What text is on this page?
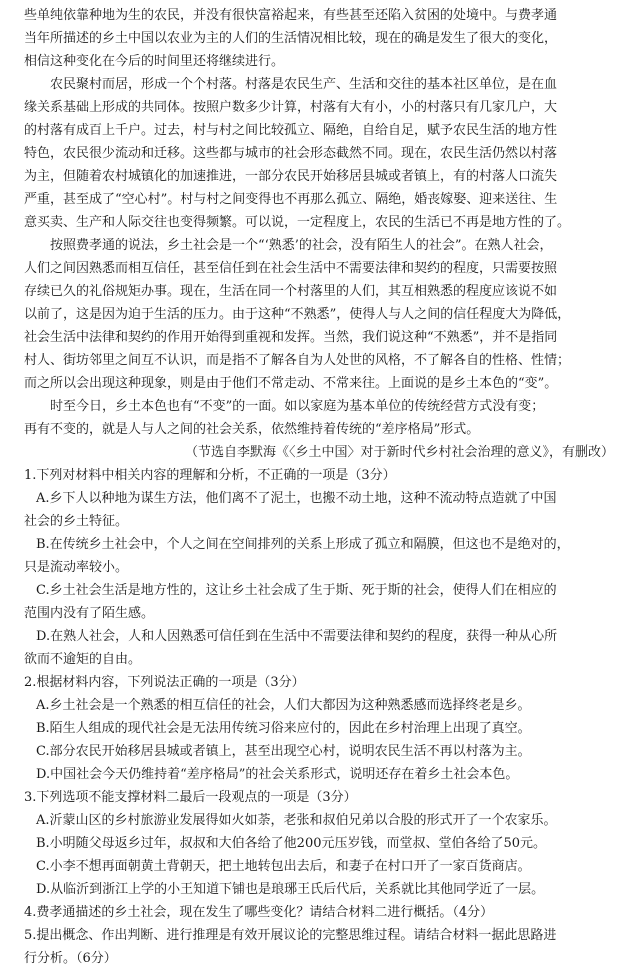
些单纯依靠种地为生的农民，并没有很快富裕起来，有些甚至还陷入贫困的处境中。与费孝通
当年所描述的乡土中国以农业为主的人们的生活情况相比较，现在的确是发生了很大的变化，
相信这种变化在今后的时间里还将继续进行。
农民聚村而居，形成一个个村落。村落是农民生产、生活和交往的基本社区单位，是在血
缘关系基础上形成的共同体。按照户数多少计算，村落有大有小，小的村落只有几家几户，大
的村落有成百上千户。过去，村与村之间比较孤立、隔绝，自给自足，赋予农民生活的地方性
特色，农民很少流动和迁移。这些都与城市的社会形态截然不同。现在，农民生活仍然以村落
为主，但随着农村城镇化的加速推进，一部分农民开始移居县城或者镇上，有的村落人口流失
严重，甚至成了“空心村”。村与村之间变得也不再那么孤立、隔绝，婚丧嫁娶、迎来送往、生
意买卖、生产和人际交往也变得频繁。可以说，一定程度上，农民的生活已不再是地方性的了。
按照费孝通的说法，乡土社会是一个“‘熟悉’的社会，没有陌生人的社会”。在熟人社会，
人们之间因熟悉而相互信任，甚至信任到在社会生活中不需要法律和契约的程度，只需要按照
存续已久的礼俗规矩办事。现在，生活在同一个村落里的人们，其互相熟悉的程度应该说不如
以前了，这是因为迫于生活的压力。由于这种“不熟悉”，使得人与人之间的信任程度大为降低，
社会生活中法律和契约的作用开始得到重视和发挥。当然，我们说这种“不熟悉”，并不是指同
村人、街坊邻里之间互不认识，而是指不了解各自为人处世的风格，不了解各自的性格、性情；
而之所以会出现这种现象，则是由于他们不常走动、不常来往。上面说的是乡土本色的“变”。
时至今日，乡土本色也有“不变”的一面。如以家庭为基本单位的传统经营方式没有变；
再有不变的，就是人与人之间的社会关系，依然维持着传统的“差序格局”形式。
（节选自李默海《〈乡土中国〉对于新时代乡村社会治理的意义》，有删改）
1.下列对材料中相关内容的理解和分析，不正确的一项是（3分）
A.乡下人以种地为谋生方法，他们离不了泥土，也搬不动土地，这种不流动特点造就了中国
社会的乡土特征。
B.在传统乡土社会中，个人之间在空间排列的关系上形成了孤立和隔膜，但这也不是绝对的，
只是流动率较小。
C.乡土社会生活是地方性的，这让乡土社会成了生于斯、死于斯的社会，使得人们在相应的
范围内没有了陌生感。
D.在熟人社会，人和人因熟悉可信任到在生活中不需要法律和契约的程度，获得一种从心所
欲而不逾矩的自由。
2.根据材料内容，下列说法正确的一项是（3分）
A.乡土社会是一个熟悉的相互信任的社会，人们大都因为这种熟悉感而选择终老是乡。
B.陌生人组成的现代社会是无法用传统习俗来应付的，因此在乡村治理上出现了真空。
C.部分农民开始移居县城或者镇上，甚至出现空心村，说明农民生活不再以村落为主。
D.中国社会今天仍维持着“差序格局”的社会关系形式，说明还存在着乡土社会本色。
3.下列选项不能支撑材料二最后一段观点的一项是（3分）
A.沂蒙山区的乡村旅游业发展得如火如荼，老张和叔伯兄弟以合股的形式开了一个农家乐。
B.小明随父母返乡过年，叔叔和大伯各给了他200元压岁钱，而堂叔、堂伯各给了50元。
C.小李不想再面朝黄土背朝天，把土地转包出去后，和妻子在村口开了一家百货商店。
D.从临沂到浙江上学的小王知道下铺也是琅琊王氏后代后，关系就比其他同学近了一层。
4.费孝通描述的乡土社会，现在发生了哪些变化？请结合材料二进行概括。（4分）
5.提出概念、作出判断、进行推理是有效开展议论的完整思维过程。请结合材料一据此思路进
行分析。（6分）
